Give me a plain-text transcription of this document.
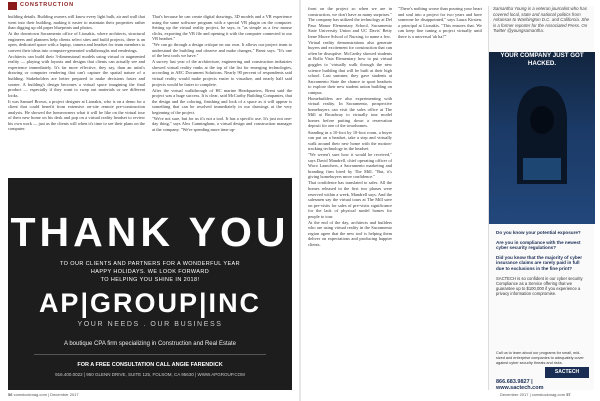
CONSTRUCTION

building details. Building owners will know every light bulb, air and wall that went into their building, making it easier to maintain their properties rather than digging up old paper blueprints and photos.

At the downtown Sacramento office of Lionakis, where architects, structural engineers and planners help clients select sites and build projects, there is an open, dedicated space with a laptop, camera and headset for team members to convert their ideas into computer-generated walkthroughs and renderings.

Architects can build their 3-dimensional models using virtual or augmented reality — playing with layouts and designs that clients can actually see and experience immediately. It's far more effective, they say, than an artist's drawing or computer rendering that can't capture the spatial nature of a building. Stakeholders are better prepared to make decisions faster and sooner. A building's design becomes a virtual space imagining the final product — especially if they want to swap out materials or see different looks.

It was Samuel Brown, a project designer at Lionakis, who is on a demo for a client that could benefit from extensive on-site remote pre-construction analysis. He showed the homeowners what it will be like on the virtual tour of their new home on his desk and pop on a virtual reality headset to review his own work — just as the clients will when it's time to see their plans on the computer.

That's because he can create digital drawings, 3D models and a VR experience using the same software program with a special VR plugin on the computer. Setting up the virtual reality project, he says, is "as simple as a few mouse clicks, exporting the VR file and opening it with the computer connected to our VR headset."

"We can go through a design critique on our own. It allows our project team to understand the building and observe and make changes," Brent says. "It's one of the best tools we have."

A survey last year of the architecture, engineering and construction industries showed virtual reality ranks at the top of the list for emerging technologies, according to AEC Document Solutions. Nearly 90 percent of respondents said virtual reality would make projects easier to visualize, and nearly half said projects would be faster to complete.

After the virtual walkthrough of HC marine Headquarters, Brent said the project was a huge success. It is clear, said McCarthy Building Companies, that the design and the coloring, finishing and look of a space as it will appear is something that can be resolved immediately in our drawings at the very beginning of the project.

"We're not sure, but for us it's not a tool. It has a specific use. It's just not one-day thing," says Alex Cunningham, a virtual design and construction manager at the company. "We're spending more time up-

THANK YOU
TO OUR CLIENTS AND PARTNERS FOR A WONDERFUL YEAR
HAPPY HOLIDAYS. WE LOOK FORWARD
TO HELPING YOU SHINE IN 2018!
AP|GROUP|INC
YOUR NEEDS . OUR BUSINESS
A boutique CPA firm specializing in Construction and Real Estate
FOR A FREE CONSULTATION CALL ANGIE FARENDICK
916.400.0022 | 950 GLENN DRIVE, SUITE 125, FOLSOM, CA 95630 | WWW.APGROUP.COM
56 comstockmag.com | December 2017

front on the project so when we are in construction, we don't have as many surprises." The company has utilized the technology at Del Paso Manor Elementary School, Sacramento State University Union and UC Davis' Betty Irene Moore School of Nursing, to name a few.

Virtual reality demonstrations also generate buyers and excitement for construction that can often be disruptive. McCarthy showed students at Rolla Vista Elementary how to put virtual goggles to 'virtually walk through the new science building that will be built at their high school. Last summer, they gave students at Sacramento State the chance to sport headsets to explore their new student union building on campus.

Homebuilders are also experimenting with virtual reality. In Sacramento, prospective homebuyers can visit the sales office at The Mill at Broadway to virtually tour model homes before putting down a reservation deposit for one of the townhomes.

Standing in a 10-foot by 10-foot room, a buyer can put on a headset, take a step and virtually walk around their new home with the motion-tracking technology in the headset.

"We weren't sure how it would be received," says David Mandrell, chief operating officer of Waco Launchers, a Sacramento marketing and branding firm hired by The Mill. "But, it's giving homebuyers more confidence."

That confidence has translated to sales. All the homes released in the first two phases were reserved within a week, Mandrell says. And the salesmen say the virtual tours at The Mill save on pre-visits for sales of pre-visits significance for the lack of physical model homes for people to tour.

At the end of the day, architects and builders who are using virtual reality in the Sacramento region agree that the new tool is helping them deliver on expectations and producing happier clients.

"There's nothing worse than pouring your heart and soul into a project for two years and have someone be disappointed," says Laura Kirsten, a principal at Lionakis. "This ensures that. We can keep fine tuning a project virtually until there is a universal 'ah ha!'"

Samantha Young is a veteran journalist who has covered local, state and national politics from Arkansas to Washington D.C. and California. She is a former reporter for the Associated Press. On Twitter @youngsamantha.
YOUR COMPANY JUST GOT HACKED.
Do you know your potential exposure?
Are you in compliance with the newest cyber security regulations?
Did you know that the majority of cyber insurance claims are rarely paid in full due to exclusions in the fine print?
SACTECH is so confident in our cyber security Compliance as a Service offering that we guarantee up to $100,000 if you experience a privacy information compromise.
Call us to learn about our programs for small, mid-sized and enterprise companies to adequately cover against cyber security threats and risks.
SACTECH
866.683.9827 | www.sactech.com
December 2017 | comstockmag.com 57
